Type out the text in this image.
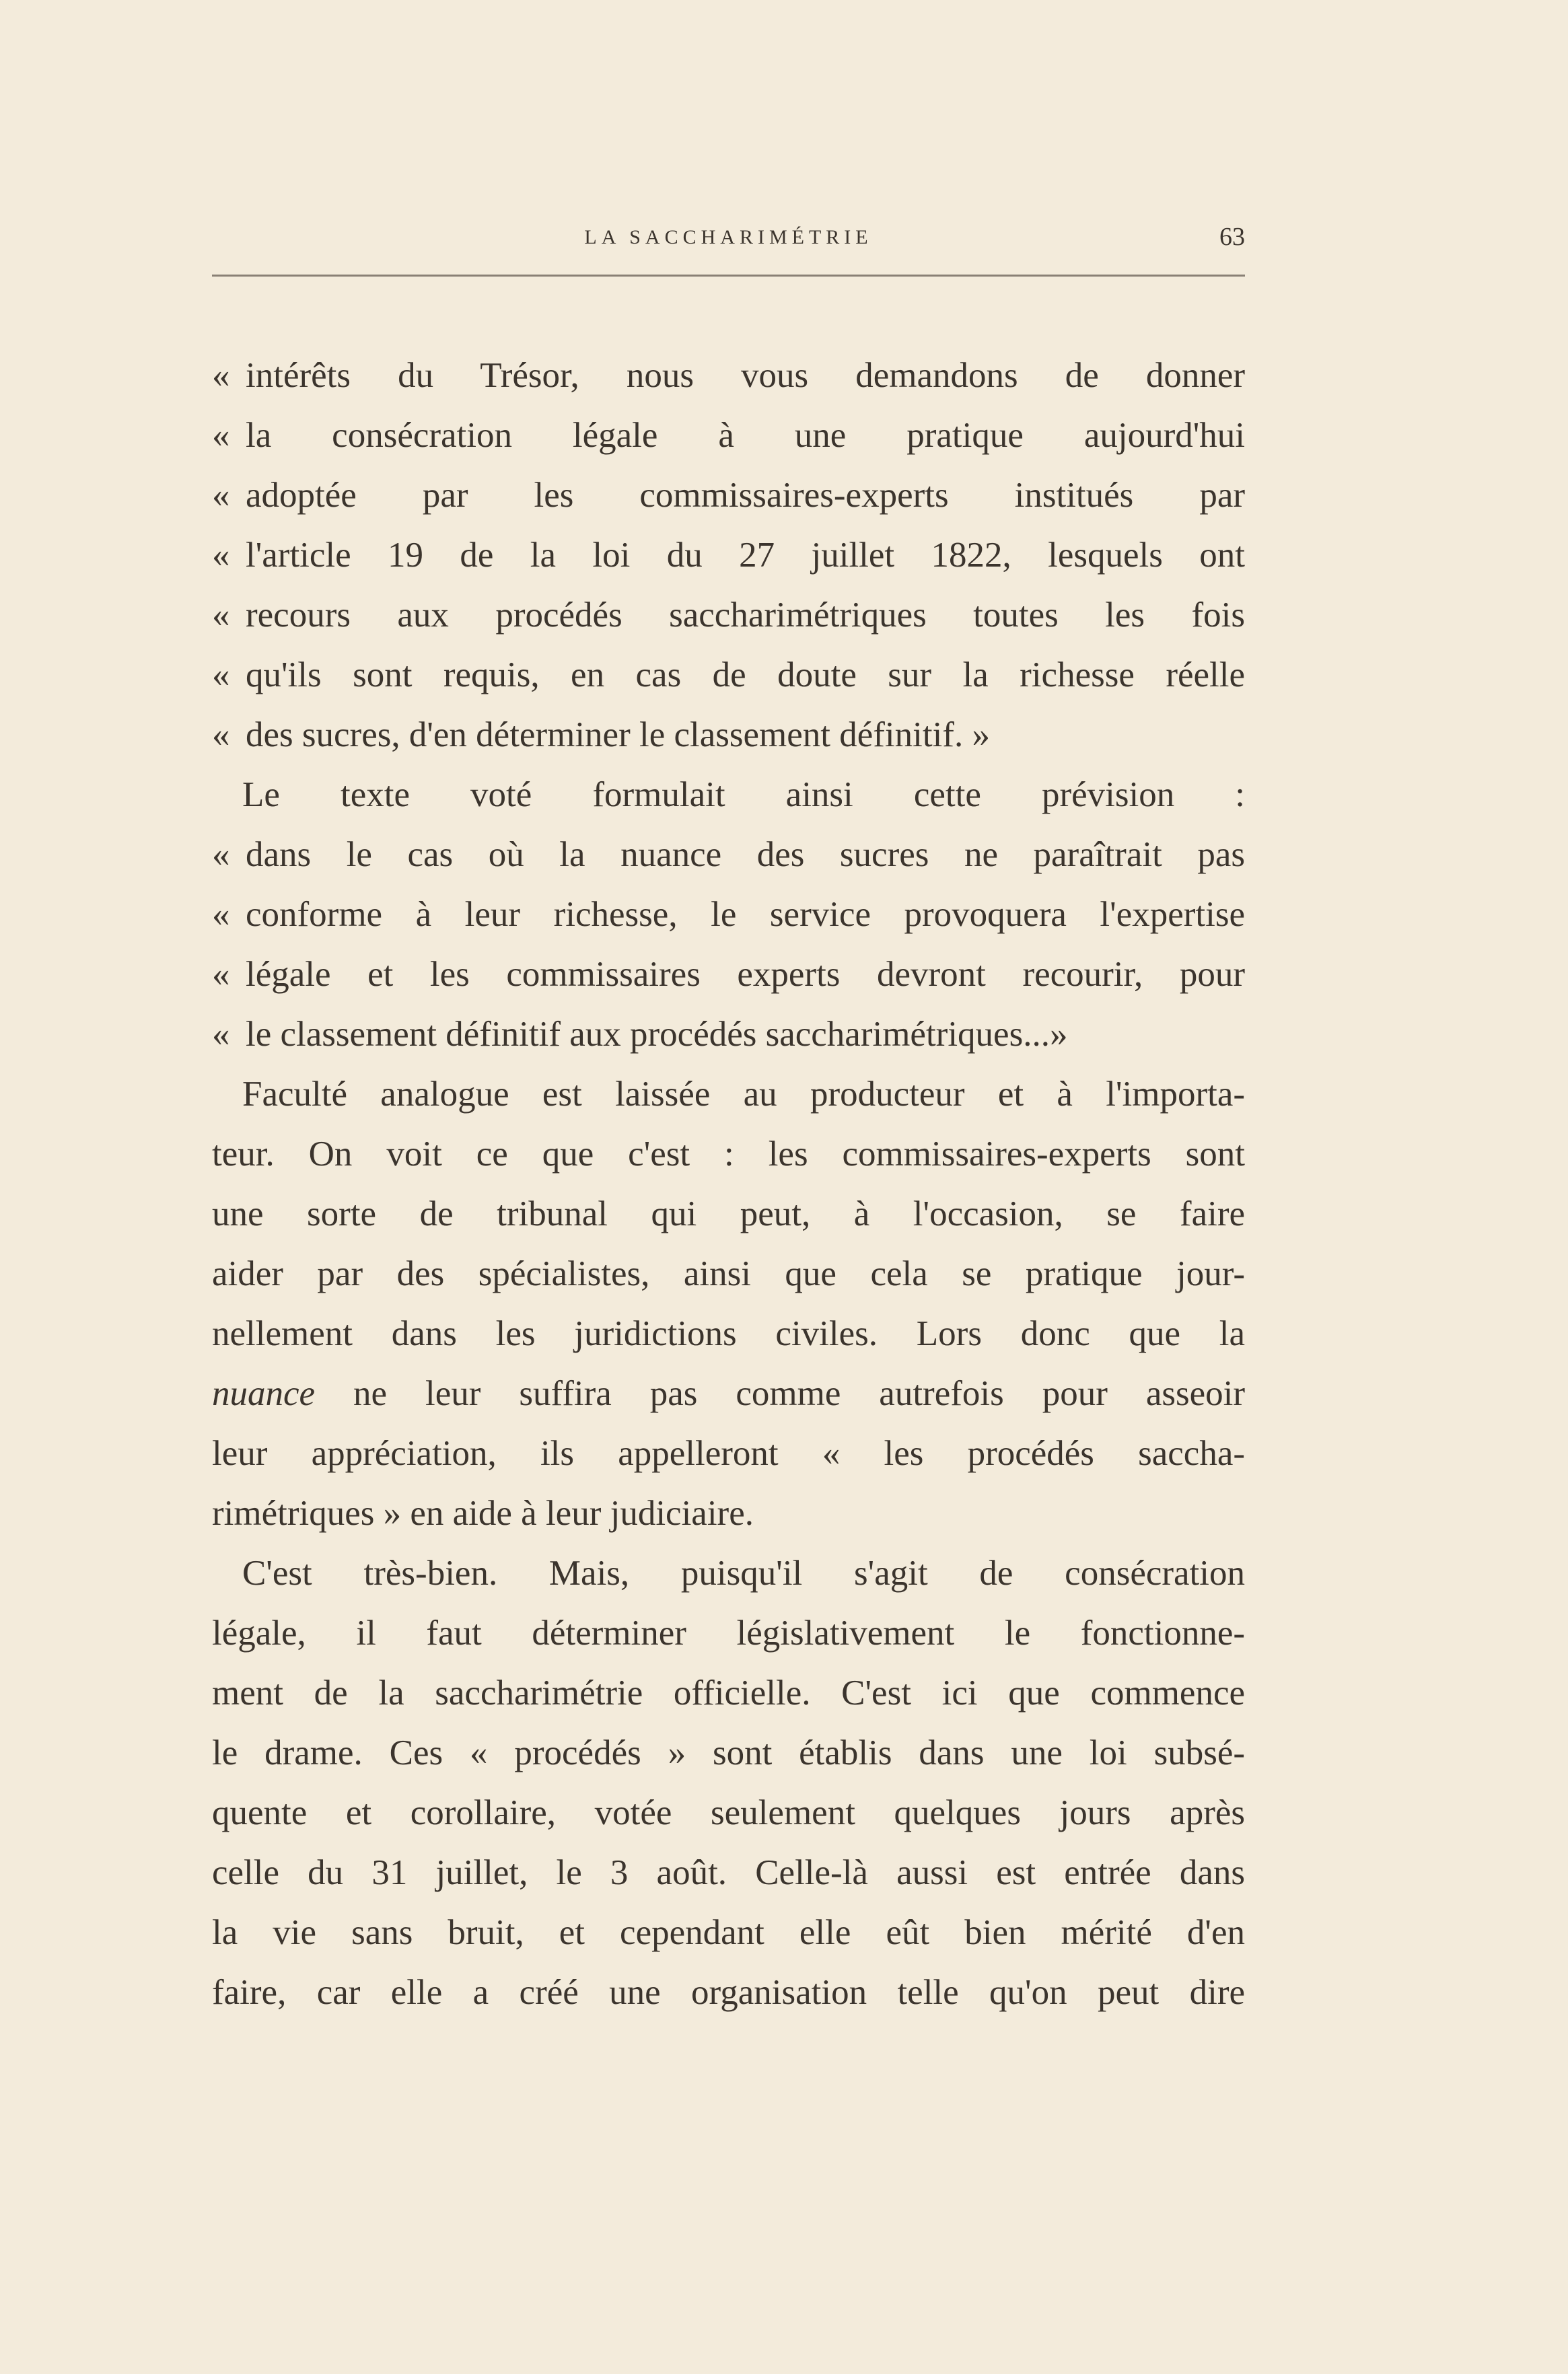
LA SACCHARIMÉTRIE	63
« intérêts du Trésor, nous vous demandons de donner
« la consécration légale à une pratique aujourd'hui
« adoptée par les commissaires-experts institués par
« l'article 19 de la loi du 27 juillet 1822, lesquels ont
« recours aux procédés saccharimétriques toutes les fois
« qu'ils sont requis, en cas de doute sur la richesse réelle
« des sucres, d'en déterminer le classement définitif. »
Le texte voté formulait ainsi cette prévision :
« dans le cas où la nuance des sucres ne paraîtrait pas
« conforme à leur richesse, le service provoquera l'expertise
« légale et les commissaires experts devront recourir, pour
« le classement définitif aux procédés saccharimétriques...»
Faculté analogue est laissée au producteur et à l'importa-
teur. On voit ce que c'est : les commissaires-experts sont
une sorte de tribunal qui peut, à l'occasion, se faire
aider par des spécialistes, ainsi que cela se pratique jour-
nellement dans les juridictions civiles. Lors donc que la
nuance ne leur suffira pas comme autrefois pour asseoir
leur appréciation, ils appelleront « les procédés saccha-
rimétriques » en aide à leur judiciaire.
C'est très-bien. Mais, puisqu'il s'agit de consécration
légale, il faut déterminer législativement le fonctionne-
ment de la saccharimétrie officielle. C'est ici que commence
le drame. Ces « procédés » sont établis dans une loi subsé-
quente et corollaire, votée seulement quelques jours après
celle du 31 juillet, le 3 août. Celle-là aussi est entrée dans
la vie sans bruit, et cependant elle eût bien mérité d'en
faire, car elle a créé une organisation telle qu'on peut dire
